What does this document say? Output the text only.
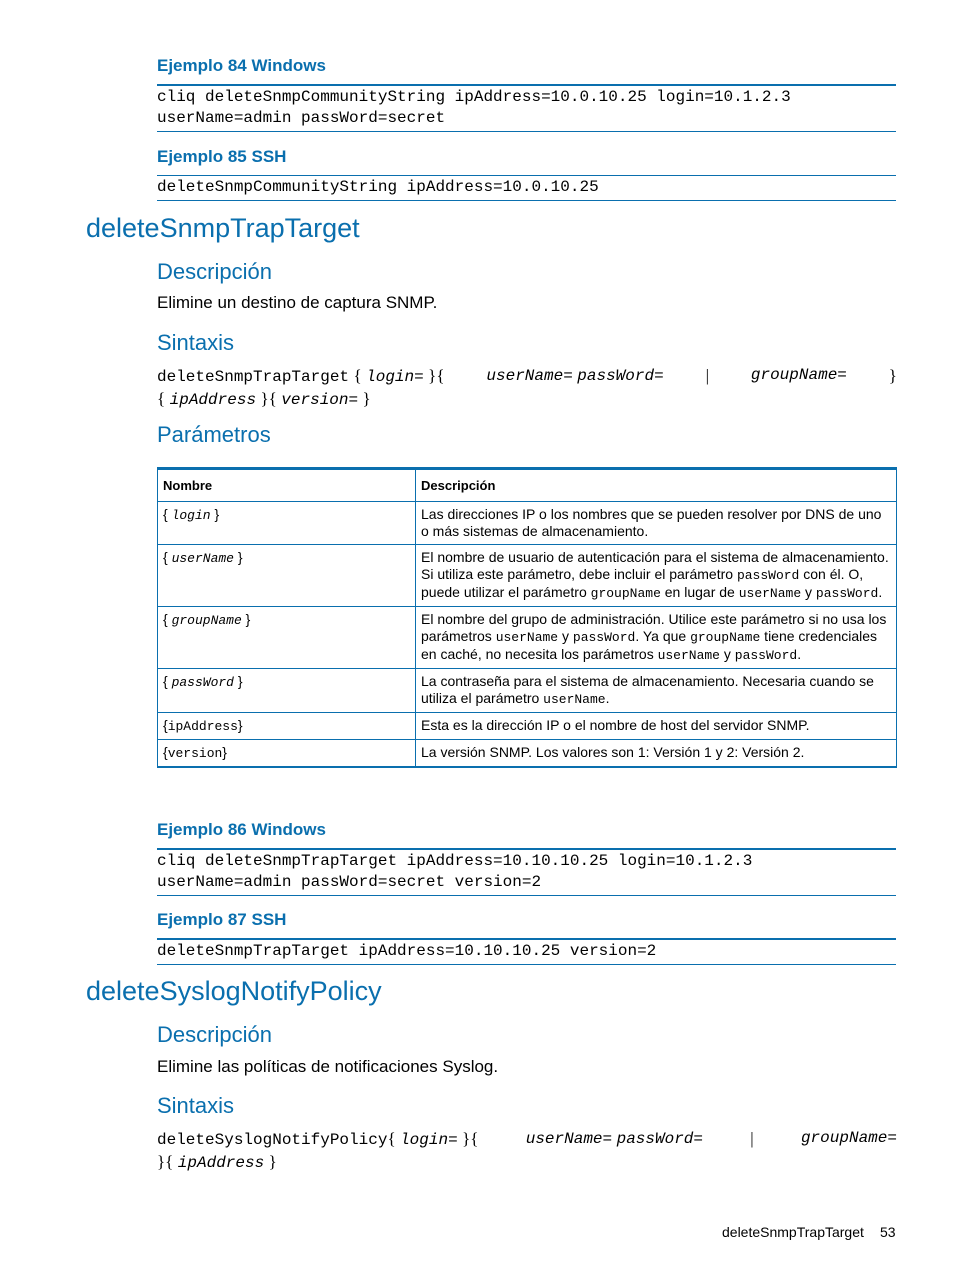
Ejemplo 84 Windows
cliq deleteSnmpCommunityString ipAddress=10.0.10.25 login=10.1.2.3
userName=admin passWord=secret
Ejemplo 85 SSH
deleteSnmpCommunityString ipAddress=10.0.10.25
deleteSnmpTrapTarget
Descripción
Elimine un destino de captura SNMP.
Sintaxis
deleteSnmpTrapTarget { login= }{	userName= passWord= |	groupName= }
{ ipAddress }{ version= }
Parámetros
Nombre	Descripción
{ login }	Las direcciones IP o los nombres que se pueden resolver por DNS de uno o más sistemas de almacenamiento.
{ userName }	El nombre de usuario de autenticación para el sistema de almacenamiento. Si utiliza este parámetro, debe incluir el parámetro passWord con él. O, puede utilizar el parámetro groupName en lugar de userName y passWord.
{ groupName }	El nombre del grupo de administración. Utilice este parámetro si no usa los parámetros userName y passWord. Ya que groupName tiene credenciales en caché, no necesita los parámetros userName y passWord.
{ passWord }	La contraseña para el sistema de almacenamiento. Necesaria cuando se utiliza el parámetro userName.
{ipAddress}	Esta es la dirección IP o el nombre de host del servidor SNMP.
{version}	La versión SNMP. Los valores son 1: Versión 1 y 2: Versión 2.
Ejemplo 86 Windows
cliq deleteSnmpTrapTarget ipAddress=10.10.10.25 login=10.1.2.3
userName=admin passWord=secret version=2
Ejemplo 87 SSH
deleteSnmpTrapTarget ipAddress=10.10.10.25 version=2
deleteSyslogNotifyPolicy
Descripción
Elimine las políticas de notificaciones Syslog.
Sintaxis
deleteSyslogNotifyPolicy{ login= }{	userName= passWord=	|	groupName=
}{ ipAddress }
deleteSnmpTrapTarget 53
